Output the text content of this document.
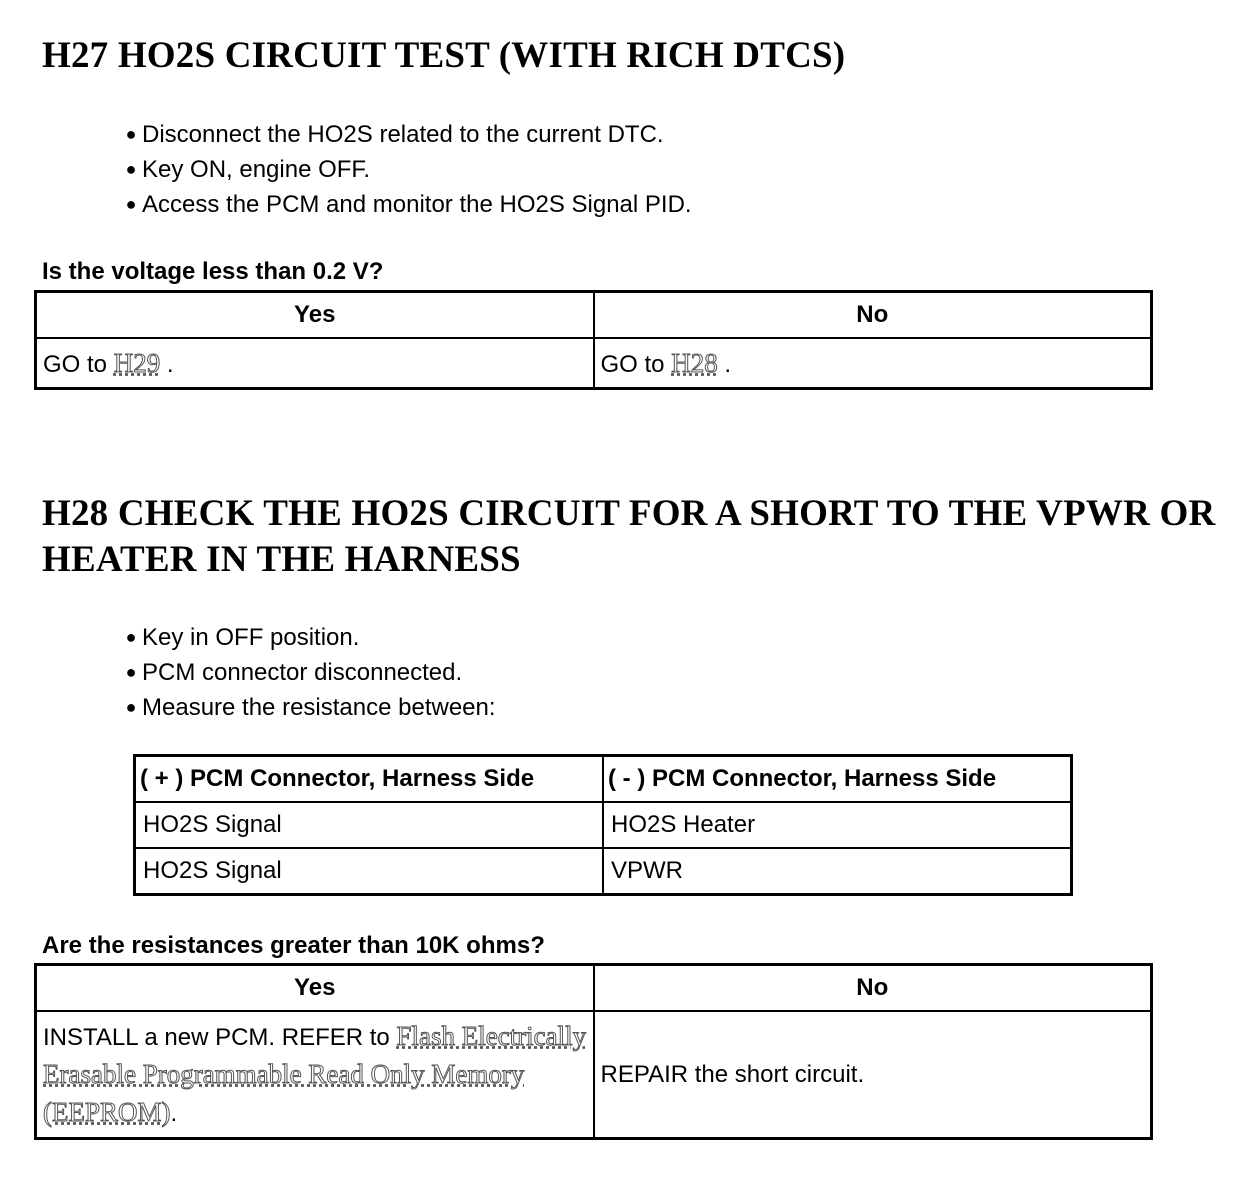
H27 HO2S CIRCUIT TEST (WITH RICH DTCS)
● Disconnect the HO2S related to the current DTC.
● Key ON, engine OFF.
● Access the PCM and monitor the HO2S Signal PID.

Is the voltage less than 0.2 V?

Yes	No
GO to H29 .	GO to H28 .
H28 CHECK THE HO2S CIRCUIT FOR A SHORT TO THE VPWR OR HEATER IN THE HARNESS
● Key in OFF position.
● PCM connector disconnected.
● Measure the resistance between:
( + ) PCM Connector, Harness Side	( - ) PCM Connector, Harness Side
HO2S Signal	HO2S Heater
HO2S Signal	VPWR

Are the resistances greater than 10K ohms?

Yes	No
INSTALL a new PCM. REFER to Flash Electrically Erasable Programmable Read Only Memory (EEPROM).	REPAIR the short circuit.
